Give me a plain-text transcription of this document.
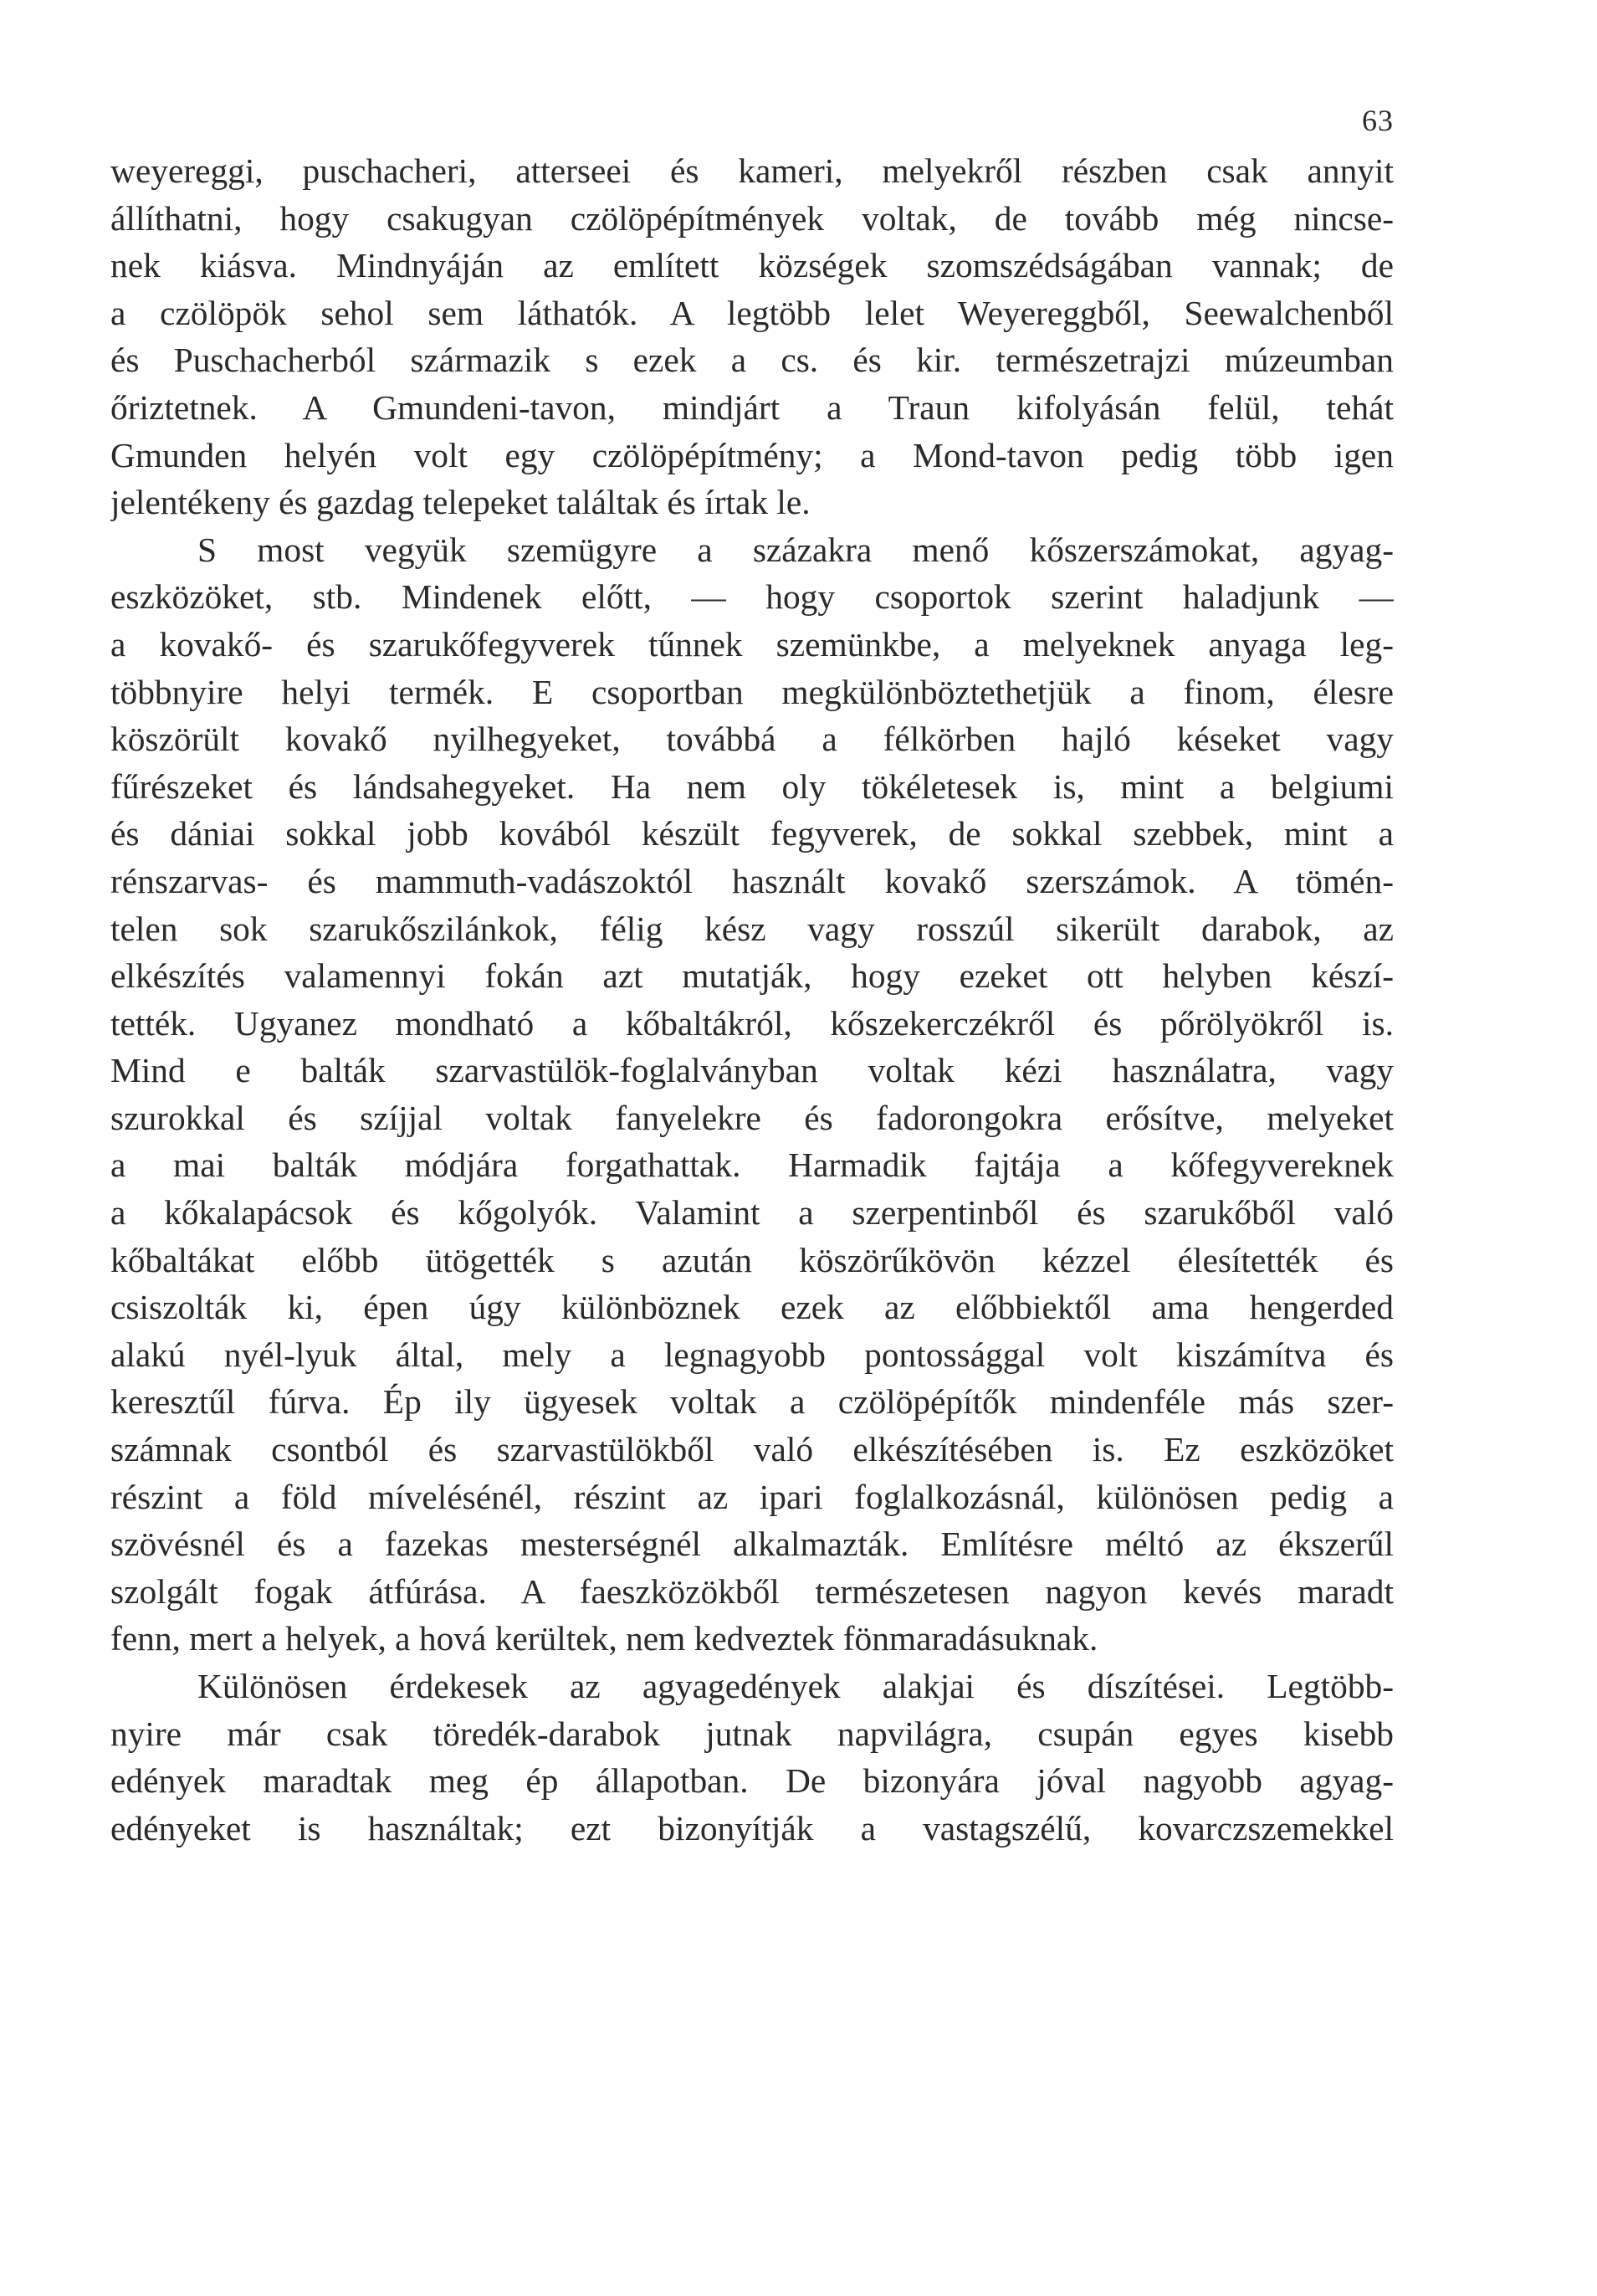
63
weyereggi, puschacheri, atterseei és kameri, melyekről részben csak annyit
állíthatni, hogy csakugyan czölöpépítmények voltak, de tovább még nincse-
nek kiásva. Mindnyáján az említett községek szomszédságában vannak; de
a czölöpök sehol sem láthatók. A legtöbb lelet Weyereggből, Seewalchenből
és Puschacherból származik s ezek a cs. és kir. természetrajzi múzeumban
őriztetnek. A Gmundeni-tavon, mindjárt a Traun kifolyásán felül, tehát
Gmunden helyén volt egy czölöpépítmény; a Mond-tavon pedig több igen
jelentékeny és gazdag telepeket találtak és írtak le.
S most vegyük szemügyre a százakra menő kőszerszámokat, agyag-
eszközöket, stb. Mindenek előtt, — hogy csoportok szerint haladjunk —
a kovakő- és szarukőfegyverek tűnnek szemünkbe, a melyeknek anyaga leg-
többnyire helyi termék. E csoportban megkülönböztethetjük a finom, élesre
köszörült kovakő nyilhegyeket, továbbá a félkörben hajló késeket vagy
fűrészeket és lándsahegyeket. Ha nem oly tökéletesek is, mint a belgiumi
és dániai sokkal jobb kovából készült fegyverek, de sokkal szebbek, mint a
rénszarvas- és mammuth-vadászoktól használt kovakő szerszámok. A tömén-
telen sok szarukőszilánkok, félig kész vagy rosszúl sikerült darabok, az
elkészítés valamennyi fokán azt mutatják, hogy ezeket ott helyben készí-
tették. Ugyanez mondható a kőbaltákról, kőszekerczékről és pőrölyökről is.
Mind e balták szarvastülök-foglalványban voltak kézi használatra, vagy
szurokkal és szíjjal voltak fanyelekre és fadorongokra erősítve, melyeket
a mai balták módjára forgathattak. Harmadik fajtája a kőfegyvereknek
a kőkalapácsok és kőgolyók. Valamint a szerpentinből és szarukőből való
kőbaltákat előbb ütögették s azután köszörűkövön kézzel élesítették és
csiszolták ki, épen úgy különböznek ezek az előbbiektől ama hengerded
alakú nyél-lyuk által, mely a legnagyobb pontossággal volt kiszámítva és
keresztűl fúrva. Ép ily ügyesek voltak a czölöpépítők mindenféle más szer-
számnak csontból és szarvastülökből való elkészítésében is. Ez eszközöket
részint a föld mívelésénél, részint az ipari foglalkozásnál, különösen pedig a
szövésnél és a fazekas mesterségnél alkalmazták. Említésre méltó az ékszerűl
szolgált fogak átfúrása. A faeszközökből természetesen nagyon kevés maradt
fenn, mert a helyek, a hová kerültek, nem kedveztek fönmaradásuknak.
Különösen érdekesek az agyagedények alakjai és díszítései. Legtöbb-
nyire már csak töredék-darabok jutnak napvilágra, csupán egyes kisebb
edények maradtak meg ép állapotban. De bizonyára jóval nagyobb agyag-
edényeket is használtak; ezt bizonyítják a vastagszélű, kovarczszemekkel
